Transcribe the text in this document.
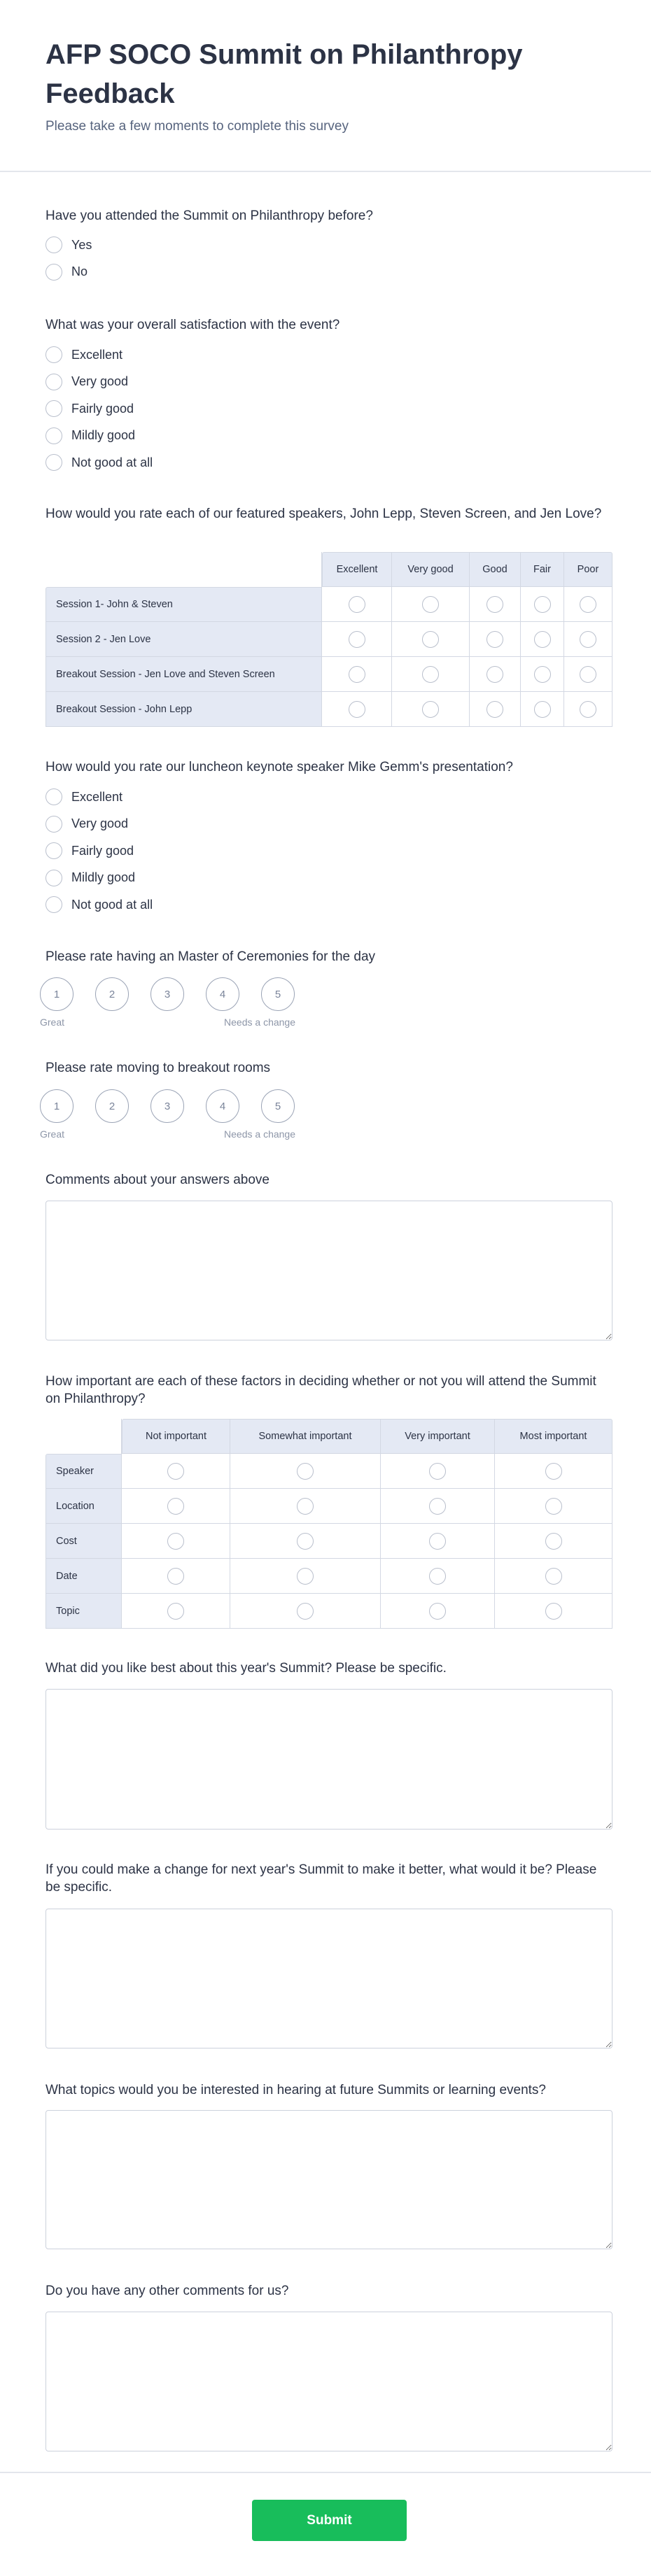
AFP SOCO Summit on Philanthropy Feedback

Please take a few moments to complete this survey

Have you attended the Summit on Philanthropy before?
Yes
No
What was your overall satisfaction with the event?
Excellent
Very good
Fairly good
Mildly good
Not good at all
How would you rate each of our featured speakers, John Lepp, Steven Screen, and Jen Love?
	Excellent	Very good	Good	Fair	Poor
Session 1- John & Steven					
Session 2 - Jen Love					
Breakout Session - Jen Love and Steven Screen					
Breakout Session - John Lepp					
How would you rate our luncheon keynote speaker Mike Gemm's presentation?
Excellent
Very good
Fairly good
Mildly good
Not good at all
Please rate having an Master of Ceremonies for the day
1	2	3	4	5
Great	Needs a change
Please rate moving to breakout rooms
1	2	3	4	5
Great	Needs a change
Comments about your answers above
How important are each of these factors in deciding whether or not you will attend the Summit on Philanthropy?
	Not important	Somewhat important	Very important	Most important
Speaker				
Location				
Cost				
Date				
Topic				
What did you like best about this year's Summit? Please be specific.
If you could make a change for next year's Summit to make it better, what would it be? Please be specific.
What topics would you be interested in hearing at future Summits or learning events?
Do you have any other comments for us?
Submit
